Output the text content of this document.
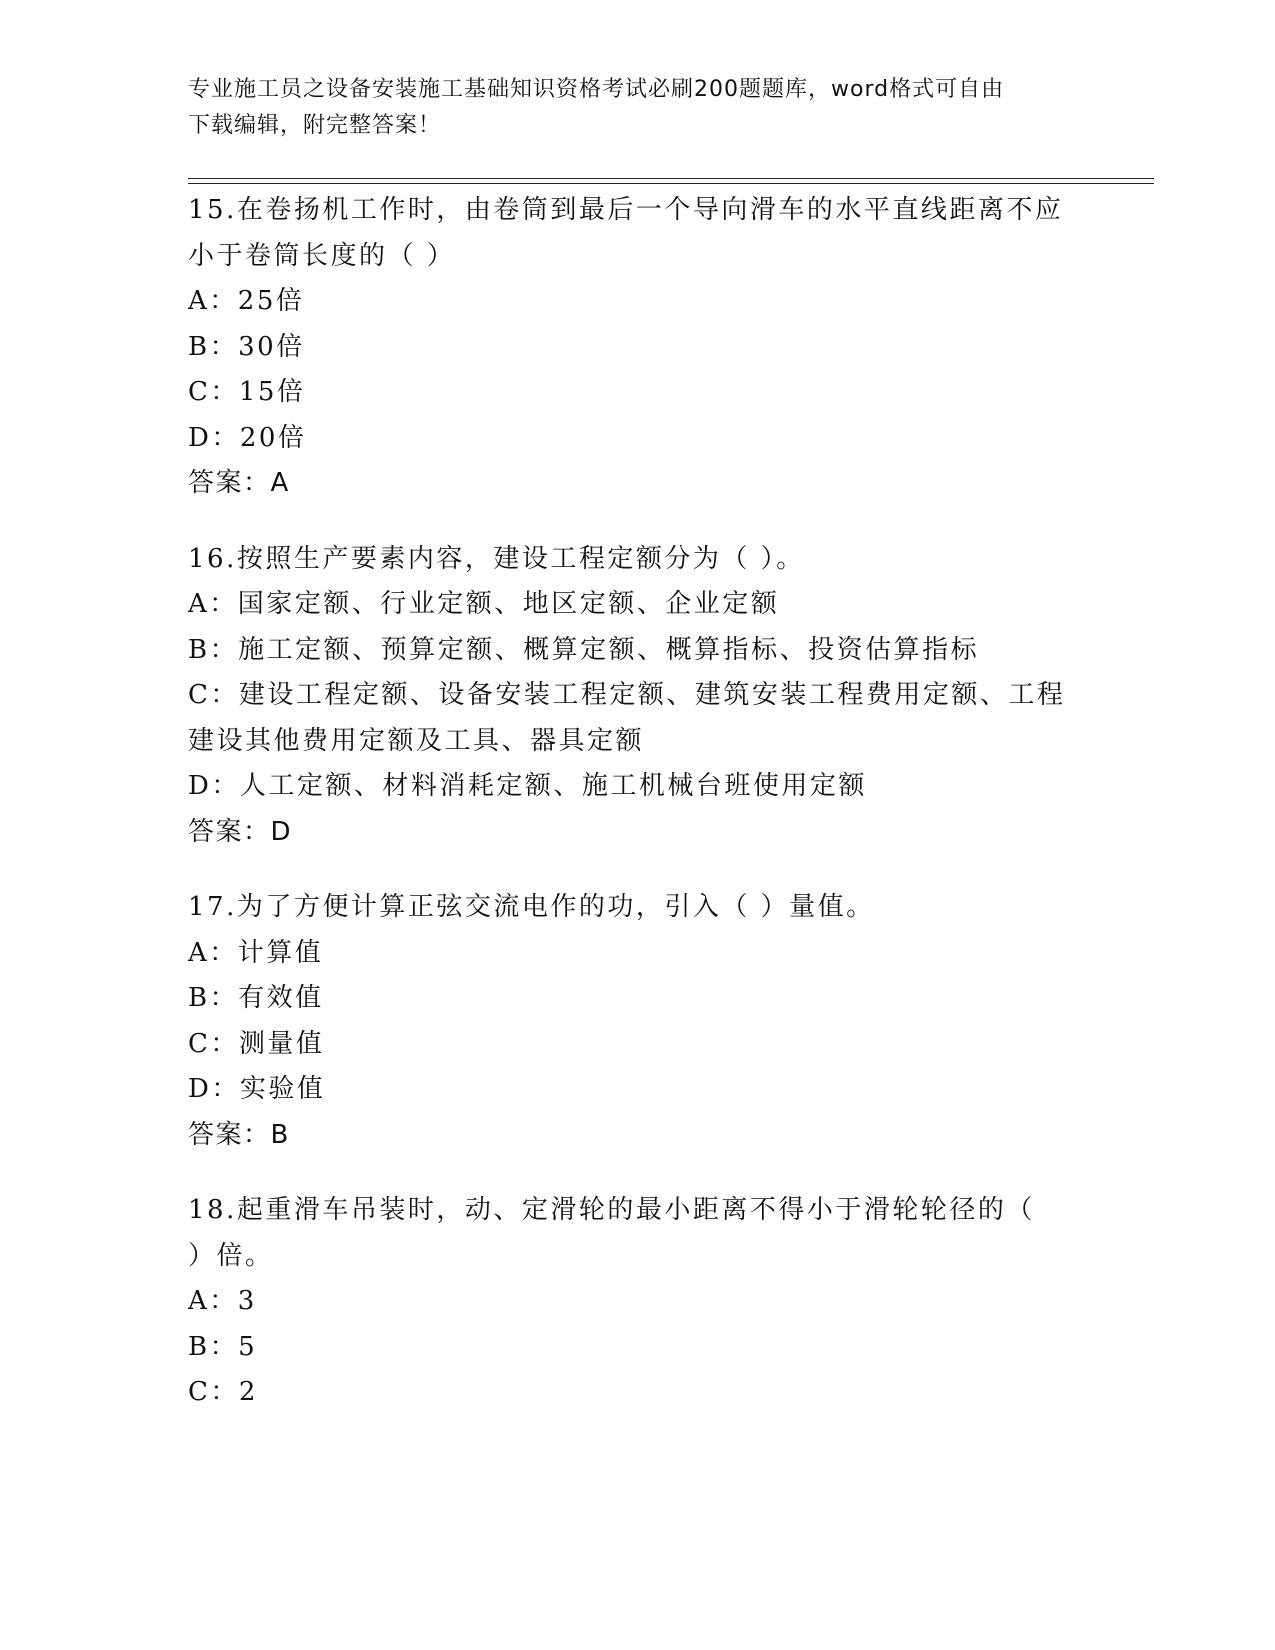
专业施工员之设备安装施工基础知识资格考试必刷200题题库，word格式可自由
下载编辑，附完整答案！
15.在卷扬机工作时，由卷筒到最后一个导向滑车的水平直线距离不应
小于卷筒长度的（ ）
A：25倍
B：30倍
C：15倍
D：20倍
答案：A
16.按照生产要素内容，建设工程定额分为（ ）。
A：国家定额、行业定额、地区定额、企业定额
B：施工定额、预算定额、概算定额、概算指标、投资估算指标
C：建设工程定额、设备安装工程定额、建筑安装工程费用定额、工程
建设其他费用定额及工具、器具定额
D：人工定额、材料消耗定额、施工机械台班使用定额
答案：D
17.为了方便计算正弦交流电作的功，引入（ ）量值。
A：计算值
B：有效值
C：测量值
D：实验值
答案：B
18.起重滑车吊装时，动、定滑轮的最小距离不得小于滑轮轮径的（
）倍。
A：3
B：5
C：2
